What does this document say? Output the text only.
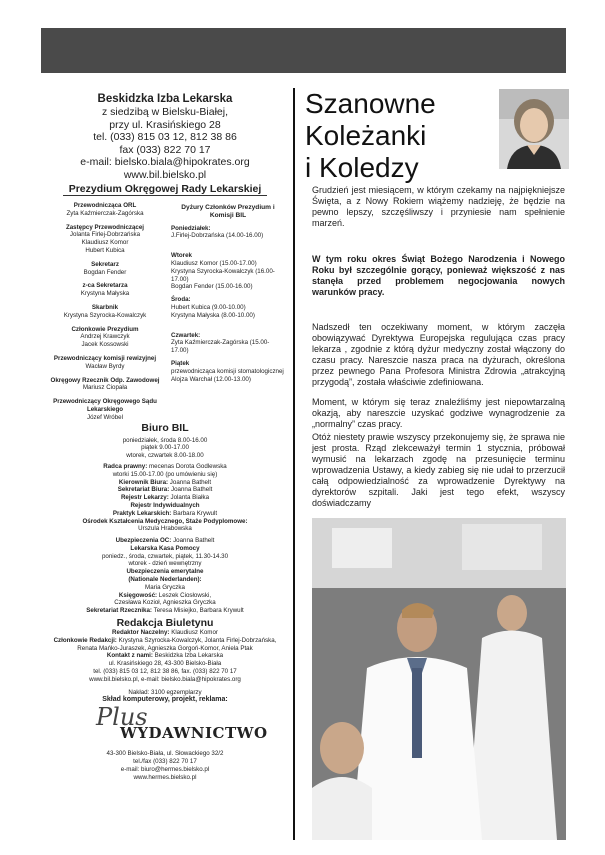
Beskidzka Izba Lekarska
z siedzibą w Bielsku-Białej,
przy ul. Krasińskiego 28
tel. (033) 815 03 12, 812 38 86
fax (033) 822 70 17
e-mail: bielsko.biala@hipokrates.org
www.bil.bielsko.pl
Prezydium Okręgowej Rady Lekarskiej
Przewodnicząca ORL
Zyta Kaźmierczak-Zagórska
Zastępcy Przewodniczącej
Jolanta Firlej-Dobrzańska
Klaudiusz Komor
Hubert Kubica
Sekretarz
Bogdan Fender
z-ca Sekretarza
Krystyna Małyska
Skarbnik
Krystyna Szyrocka-Kowalczyk
Członkowie Prezydium
Andrzej Krawczyk
Jacek Kossowski
Przewodniczący komisji rewizyjnej
Wacław Byrdy
Okręgowy Rzecznik Odp. Zawodowej
Mariusz Ciopała
Przewodniczący Okręgowego Sądu Lekarskiego
Józef Wróbel
Dyżury Członków Prezydium i Komisji BIL
Poniedziałek:
J.Firlej-Dobrzańska (14.00-16.00)
Wtorek
Klaudiusz Komor (15.00-17.00)
Krystyna Szyrocka-Kowalczyk (16.00-17.00)
Bogdan Fender (15.00-16.00)
Środa:
Hubert Kubica (9.00-10.00)
Krystyna Małyska (8.00-10.00)
Czwartek:
Zyta Kaźmierczak-Zagórska (15.00-17.00)
Piątek
przewodnicząca komisji stomatologicznej
Alojza Warchał (12.00-13.00)
Biuro BIL
poniedziałek, środa 8.00-16.00
piątek 9.00-17.00
wtorek, czwartek 8.00-18.00
Radca prawny: mecenas Dorota Godlewska
wtorki 15.00-17.00 (po umówieniu się)
Kierownik Biura: Joanna Bathelt
Sekretariat Biura: Joanna Bathelt
Rejestr Lekarzy: Jolanta Białka
Rejestr Indywidualnych
Praktyk Lekarskich: Barbara Krywult
Ośrodek Kształcenia Medycznego, Staże Podyplomowe:
Urszula Hrabowska
Ubezpieczenia OC: Joanna Bathelt
Lekarska Kasa Pomocy
poniedz., środa, czwartek, piątek, 11.30-14.30
wtorek - dzień wewnętrzny
Ubezpieczenia emerytalne
(Nationale Nederlanden):
Maria Gryczka
Księgowość: Leszek Ciosłowski,
Czesława Kozioł, Agnieszka Gryczka
Sekretariat Rzecznika: Teresa Misiejko, Barbara Krywult
Redakcja Biuletynu
Redaktor Naczelny: Klaudiusz Komor
Członkowie Redakcji: Krystyna Szyrocka-Kowalczyk, Jolanta Firlej-Dobrzańska,
Renata Mańko-Juraszek, Agnieszka Gorgoń-Komor, Aniela Ptak
Kontakt z nami: Beskidzka Izba Lekarska
ul. Krasińskiego 28, 43-300 Bielsko-Biała
tel. (033) 815 03 12, 812 38 86, fax. (033) 822 70 17
www.bil.bielsko.pl, e-mail: bielsko.biala@hipokrates.org
Nakład: 3100 egzemplarzy
Skład komputerowy, projekt, reklama:
Plus
WYDAWNICTWO
43-300 Bielsko-Biała, ul. Słowackiego 32/2
tel./fax (033) 822 70 17
e-mail: biuro@hermes.bielsko.pl
www.hermes.bielsko.pl
Szanowne
Koleżanki
i Koledzy
Grudzień jest miesiącem, w którym czekamy na najpiękniejsze Święta, a z Nowy Rokiem wiążemy nadzieję, że będzie na pewno lepszy, szczęśliwszy i przyniesie nam spełnienie marzeń.
W tym roku okres Świąt Bożego Narodzenia i Nowego Roku był szczególnie gorący, ponieważ większość z nas stanęła przed problemem negocjowania nowych warunków pracy.
Nadszedł ten oczekiwany moment, w którym zaczęła obowiązywać Dyrektywa Europejska regulująca czas pracy lekarza , zgodnie z którą dyżur medyczny został włączony do czasu pracy. Nareszcie nasza praca na dyżurach, określona przez pewnego Pana Profesora Ministra Zdrowia „atrakcyjną przygodą”, została właściwie zdefiniowana.
Moment, w którym się teraz znaleźliśmy jest niepowtarzalną okazją, aby nareszcie uzyskać godziwe wynagrodzenie za „normalny” czas pracy.
Otóż niestety prawie wszyscy przekonujemy się, że sprawa nie jest prosta. Rząd zlekceważył termin 1 stycznia, próbował wymusić na lekarzach zgodę na przesunięcie terminu wprowadzenia Ustawy, a kiedy zabieg się nie udał to przerzucił całą odpowiedzialność za wprowadzenie Dyrektywy na dyrektorów szpitali. Jaki jest tego efekt, wszyscy doświadczamy
